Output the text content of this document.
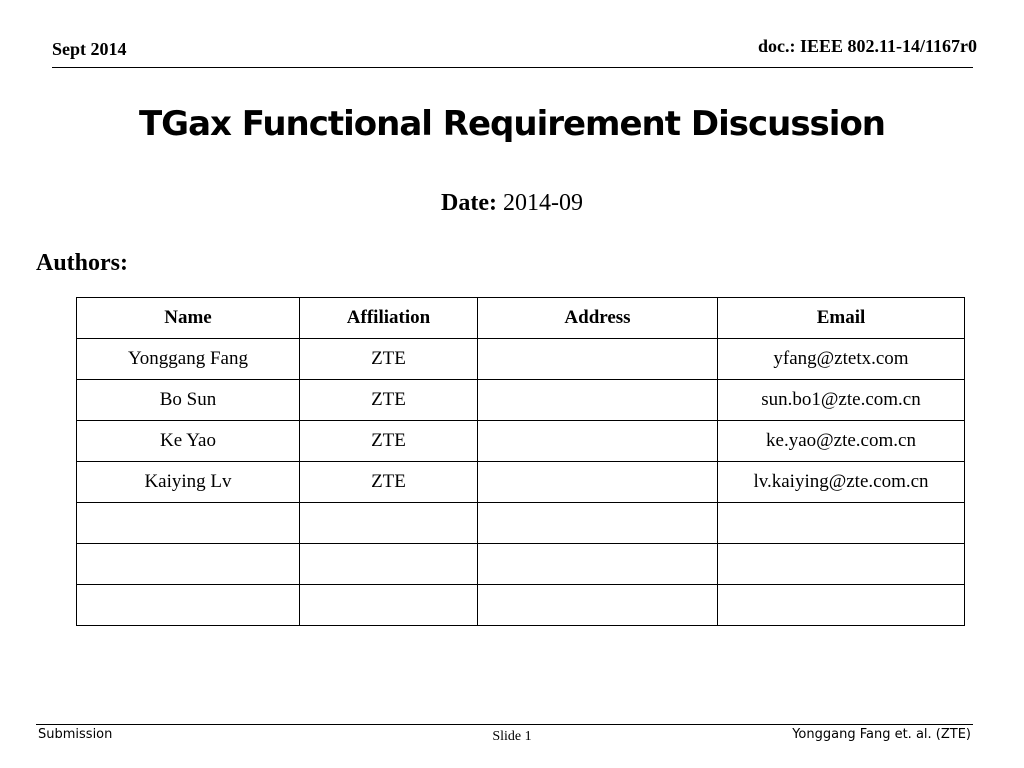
Sept 2014	doc.: IEEE 802.11-14/1167r0
TGax Functional Requirement Discussion
Date: 2014-09
Authors:
Name	Affiliation	Address	Email
Yonggang Fang	ZTE		yfang@ztetx.com
Bo Sun	ZTE		sun.bo1@zte.com.cn
Ke Yao	ZTE		ke.yao@zte.com.cn
Kaiying Lv	ZTE		lv.kaiying@zte.com.cn

Submission	Slide 1	Yonggang Fang et. al. (ZTE)
